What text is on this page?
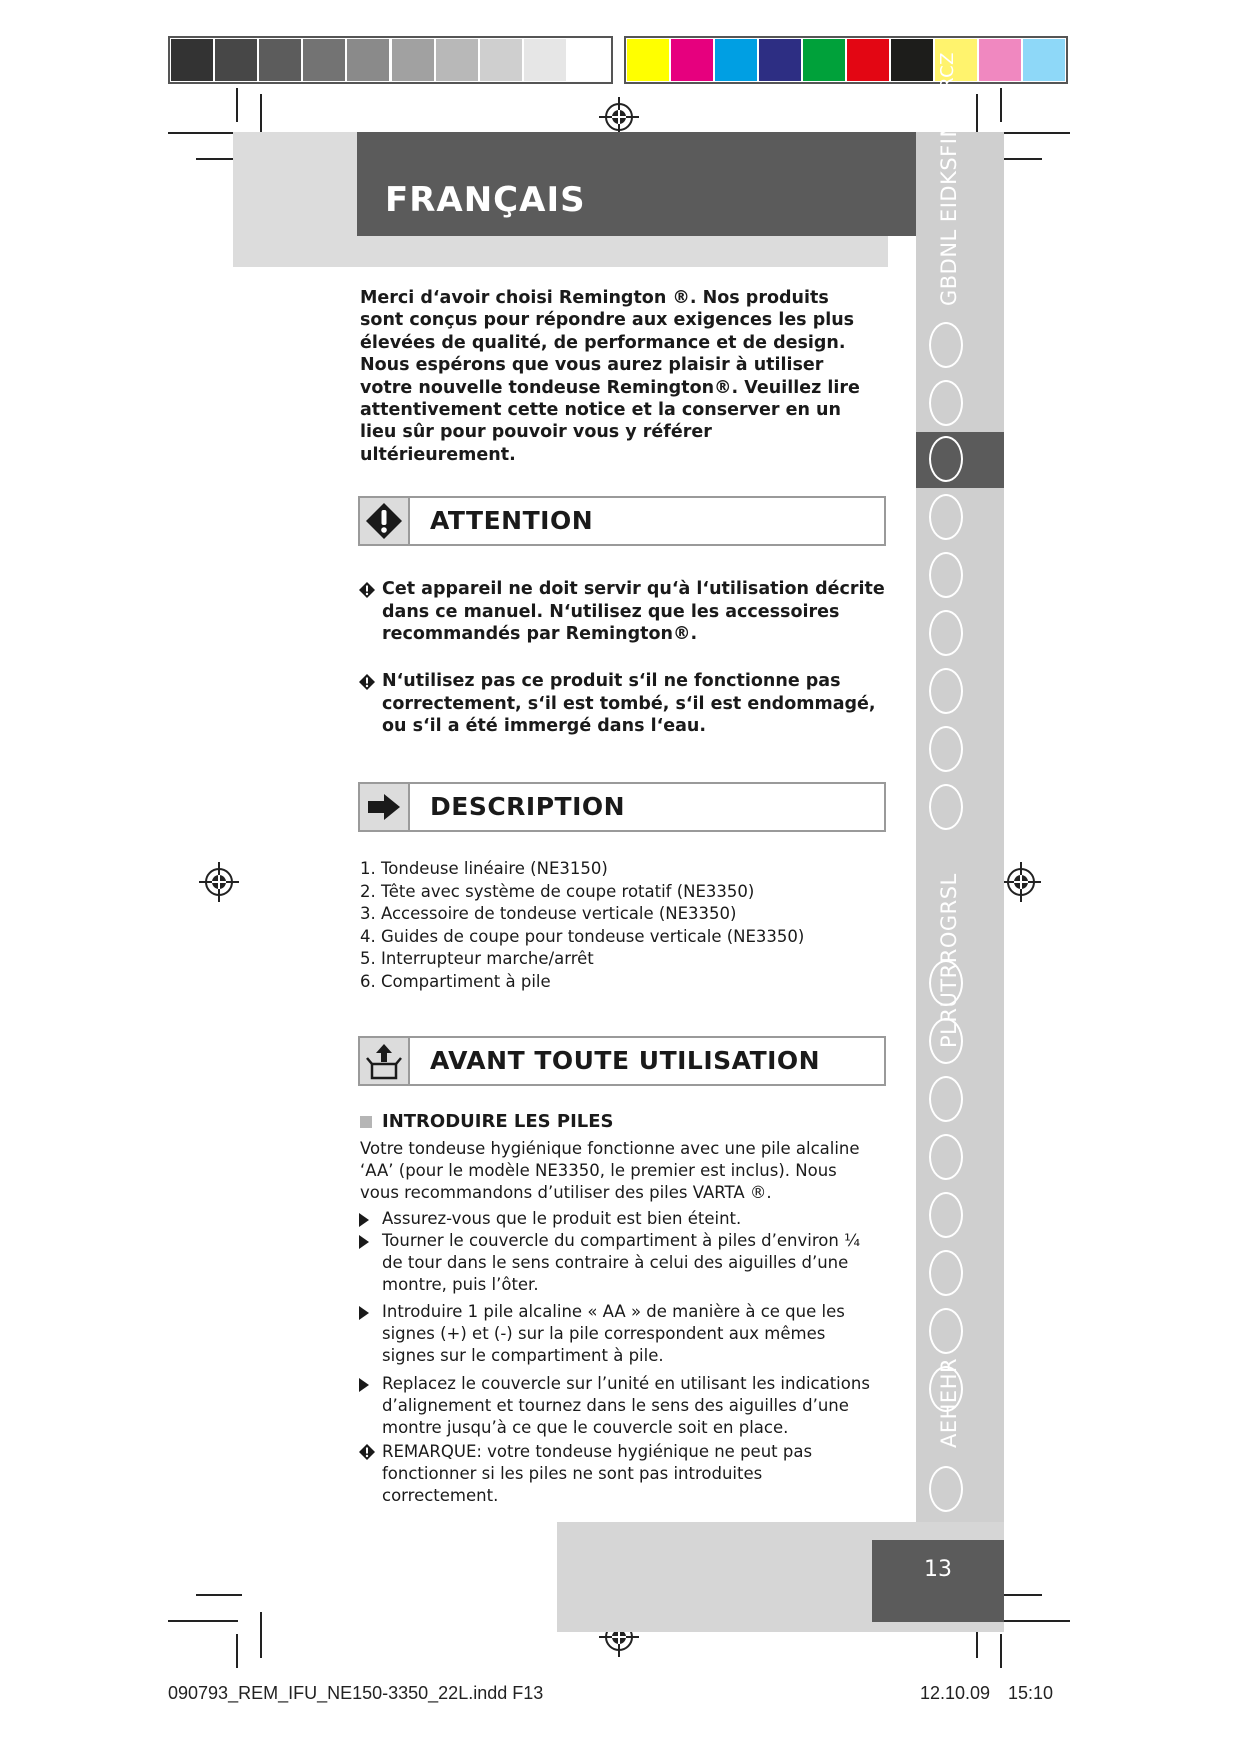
FRANÇAIS	GBDNL EIDKSFIN
RCZ
PLRUTRROGRSL
AEHEHR
Merci d‘avoir choisi Remington ®. Nos produits sont conçus pour répondre aux exigences les plus élevées de qualité, de performance et de design. Nous espérons que vous aurez plaisir à utiliser votre nouvelle tondeuse Remington®. Veuillez lire attentivement cette notice et la conserver en un lieu sûr pour pouvoir vous y référer ultérieurement.
ATTENTION
Cet appareil ne doit servir qu‘à l‘utilisation décrite dans ce manuel. N‘utilisez que les accessoires recommandés par Remington®.
N‘utilisez pas ce produit s‘il ne fonctionne pas correctement, s‘il est tombé, s‘il est endommagé, ou s‘il a été immergé dans l‘eau.
DESCRIPTION
1. Tondeuse linéaire (NE3150)
2. Tête avec système de coupe rotatif (NE3350)
3. Accessoire de tondeuse verticale (NE3350)
4. Guides de coupe pour tondeuse verticale (NE3350)
5. Interrupteur marche/arrêt
6. Compartiment à pile
AVANT TOUTE UTILISATION
INTRODUIRE LES PILES
Votre tondeuse hygiénique fonctionne avec une pile alcaline ‘AA’ (pour le modèle NE3350, le premier est inclus). Nous vous recommandons d’utiliser des piles VARTA ®.
Assurez-vous que le produit est bien éteint.
Tourner le couvercle du compartiment à piles d’environ ¼ de tour dans le sens contraire à celui des aiguilles d’une montre, puis l’ôter.
Introduire 1 pile alcaline « AA » de manière à ce que les signes (+) et (-) sur la pile correspondent aux mêmes signes sur le compartiment à pile.
Replacez le couvercle sur l’unité en utilisant les indications d’alignement et tournez dans le sens des aiguilles d’une montre jusqu’à ce que le couvercle soit en place.
REMARQUE: votre tondeuse hygiénique ne peut pas fonctionner si les piles ne sont pas introduites correctement.
13
090793_REM_IFU_NE150-3350_22L.indd F13	12.10.09 15:10
